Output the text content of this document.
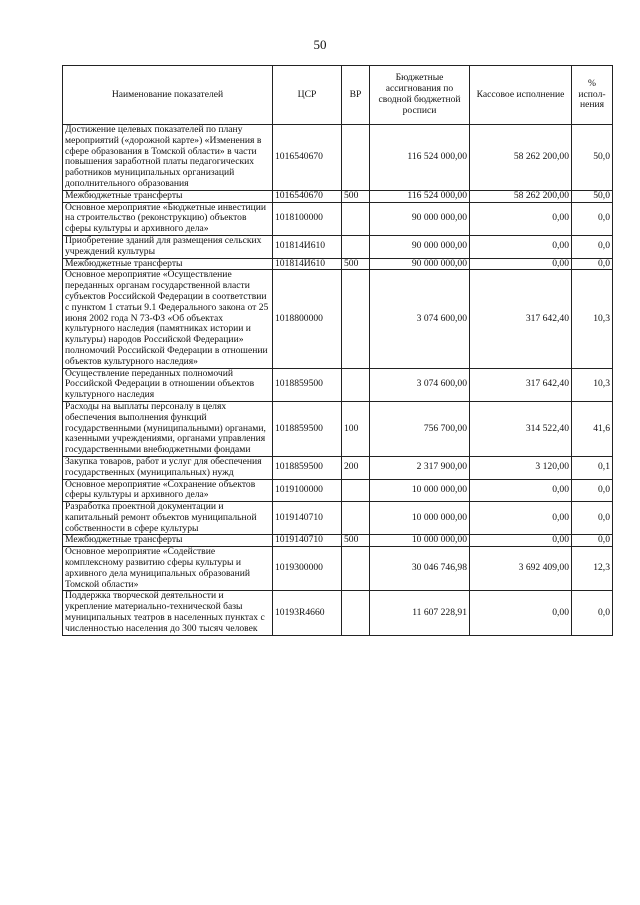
50
Наименование показателей	ЦСР	ВР	Бюджетные ассигнования по сводной бюджетной росписи	Кассовое исполнение	% испол-нения
Достижение целевых показателей по плану мероприятий («дорожной карте») «Изменения в сфере образования в Томской области» в части повышения заработной платы педагогических работников муниципальных организаций дополнительного образования	1016540670		116 524 000,00	58 262 200,00	50,0
Межбюджетные трансферты	1016540670	500	116 524 000,00	58 262 200,00	50,0
Основное мероприятие «Бюджетные инвестиции на строительство (реконструкцию) объектов сферы культуры и архивного дела»	1018100000		90 000 000,00	0,00	0,0
Приобретение зданий для размещения сельских учреждений культуры	101814И610		90 000 000,00	0,00	0,0
Межбюджетные трансферты	101814И610	500	90 000 000,00	0,00	0,0
Основное мероприятие «Осуществление переданных органам государственной власти субъектов Российской Федерации в соответствии с пунктом 1 статьи 9.1 Федерального закона от 25 июня 2002 года N 73-ФЗ «Об объектах культурного наследия (памятниках истории и культуры) народов Российской Федерации» полномочий Российской Федерации в отношении объектов культурного наследия»	1018800000		3 074 600,00	317 642,40	10,3
Осуществление переданных полномочий Российской Федерации в отношении объектов культурного наследия	1018859500		3 074 600,00	317 642,40	10,3
Расходы на выплаты персоналу в целях обеспечения выполнения функций государственными (муниципальными) органами, казенными учреждениями, органами управления государственными внебюджетными фондами	1018859500	100	756 700,00	314 522,40	41,6
Закупка товаров, работ и услуг для обеспечения государственных (муниципальных) нужд	1018859500	200	2 317 900,00	3 120,00	0,1
Основное мероприятие «Сохранение объектов сферы культуры и архивного дела»	1019100000		10 000 000,00	0,00	0,0
Разработка проектной документации и капитальный ремонт объектов муниципальной собственности в сфере культуры	1019140710		10 000 000,00	0,00	0,0
Межбюджетные трансферты	1019140710	500	10 000 000,00	0,00	0,0
Основное мероприятие «Содействие комплексному развитию сферы культуры и архивного дела муниципальных образований Томской области»	1019300000		30 046 746,98	3 692 409,00	12,3
Поддержка творческой деятельности и укрепление материально-технической базы муниципальных театров в населенных пунктах с численностью населения до 300 тысяч человек	10193R4660		11 607 228,91	0,00	0,0
